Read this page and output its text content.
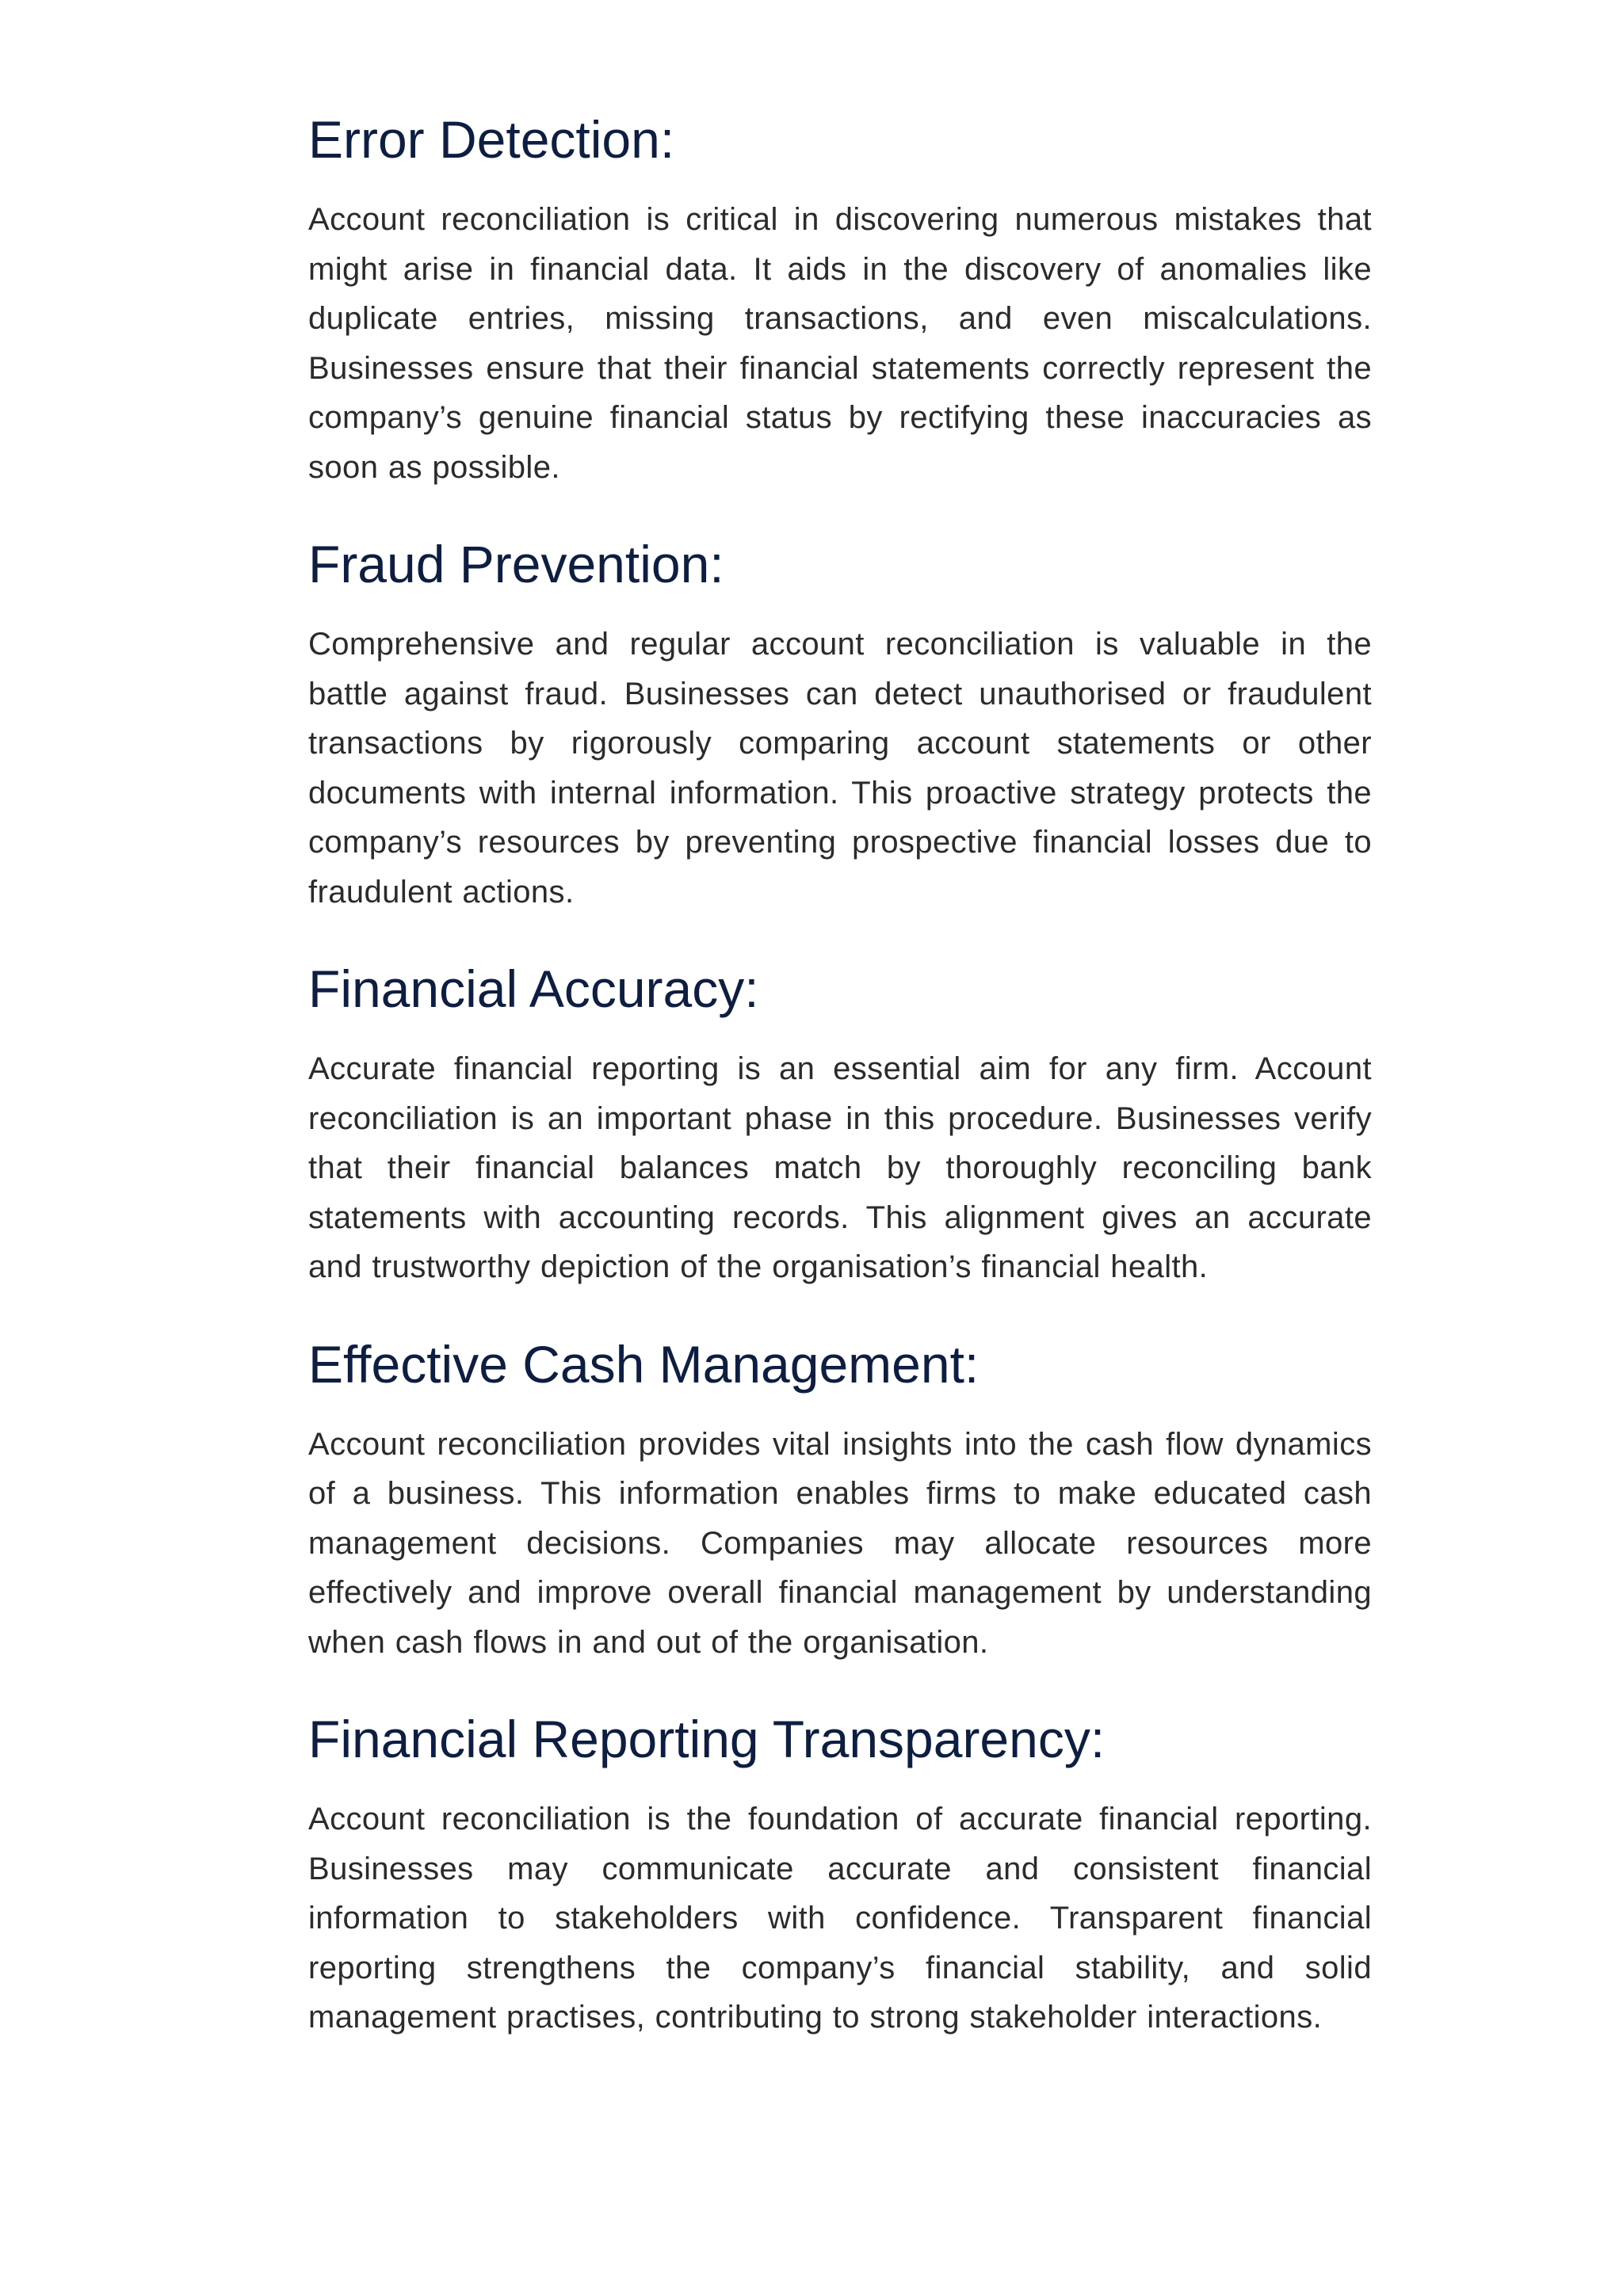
Error Detection:

Account reconciliation is critical in discovering numerous mistakes that might arise in financial data. It aids in the discovery of anomalies like duplicate entries, missing transactions, and even miscalculations. Businesses ensure that their financial statements correctly represent the company’s genuine financial status by rectifying these inaccuracies as soon as possible.

Fraud Prevention:

Comprehensive and regular account reconciliation is valuable in the battle against fraud. Businesses can detect unauthorised or fraudulent transactions by rigorously comparing account statements or other documents with internal information. This proactive strategy protects the company’s resources by preventing prospective financial losses due to fraudulent actions.

Financial Accuracy:

Accurate financial reporting is an essential aim for any firm. Account reconciliation is an important phase in this procedure. Businesses verify that their financial balances match by thoroughly reconciling bank statements with accounting records. This alignment gives an accurate and trustworthy depiction of the organisation’s financial health.

Effective Cash Management:

Account reconciliation provides vital insights into the cash flow dynamics of a business. This information enables firms to make educated cash management decisions. Companies may allocate resources more effectively and improve overall financial management by understanding when cash flows in and out of the organisation.

Financial Reporting Transparency:

Account reconciliation is the foundation of accurate financial reporting. Businesses may communicate accurate and consistent financial information to stakeholders with confidence. Transparent financial reporting strengthens the company’s financial stability, and solid management practises, contributing to strong stakeholder interactions.
